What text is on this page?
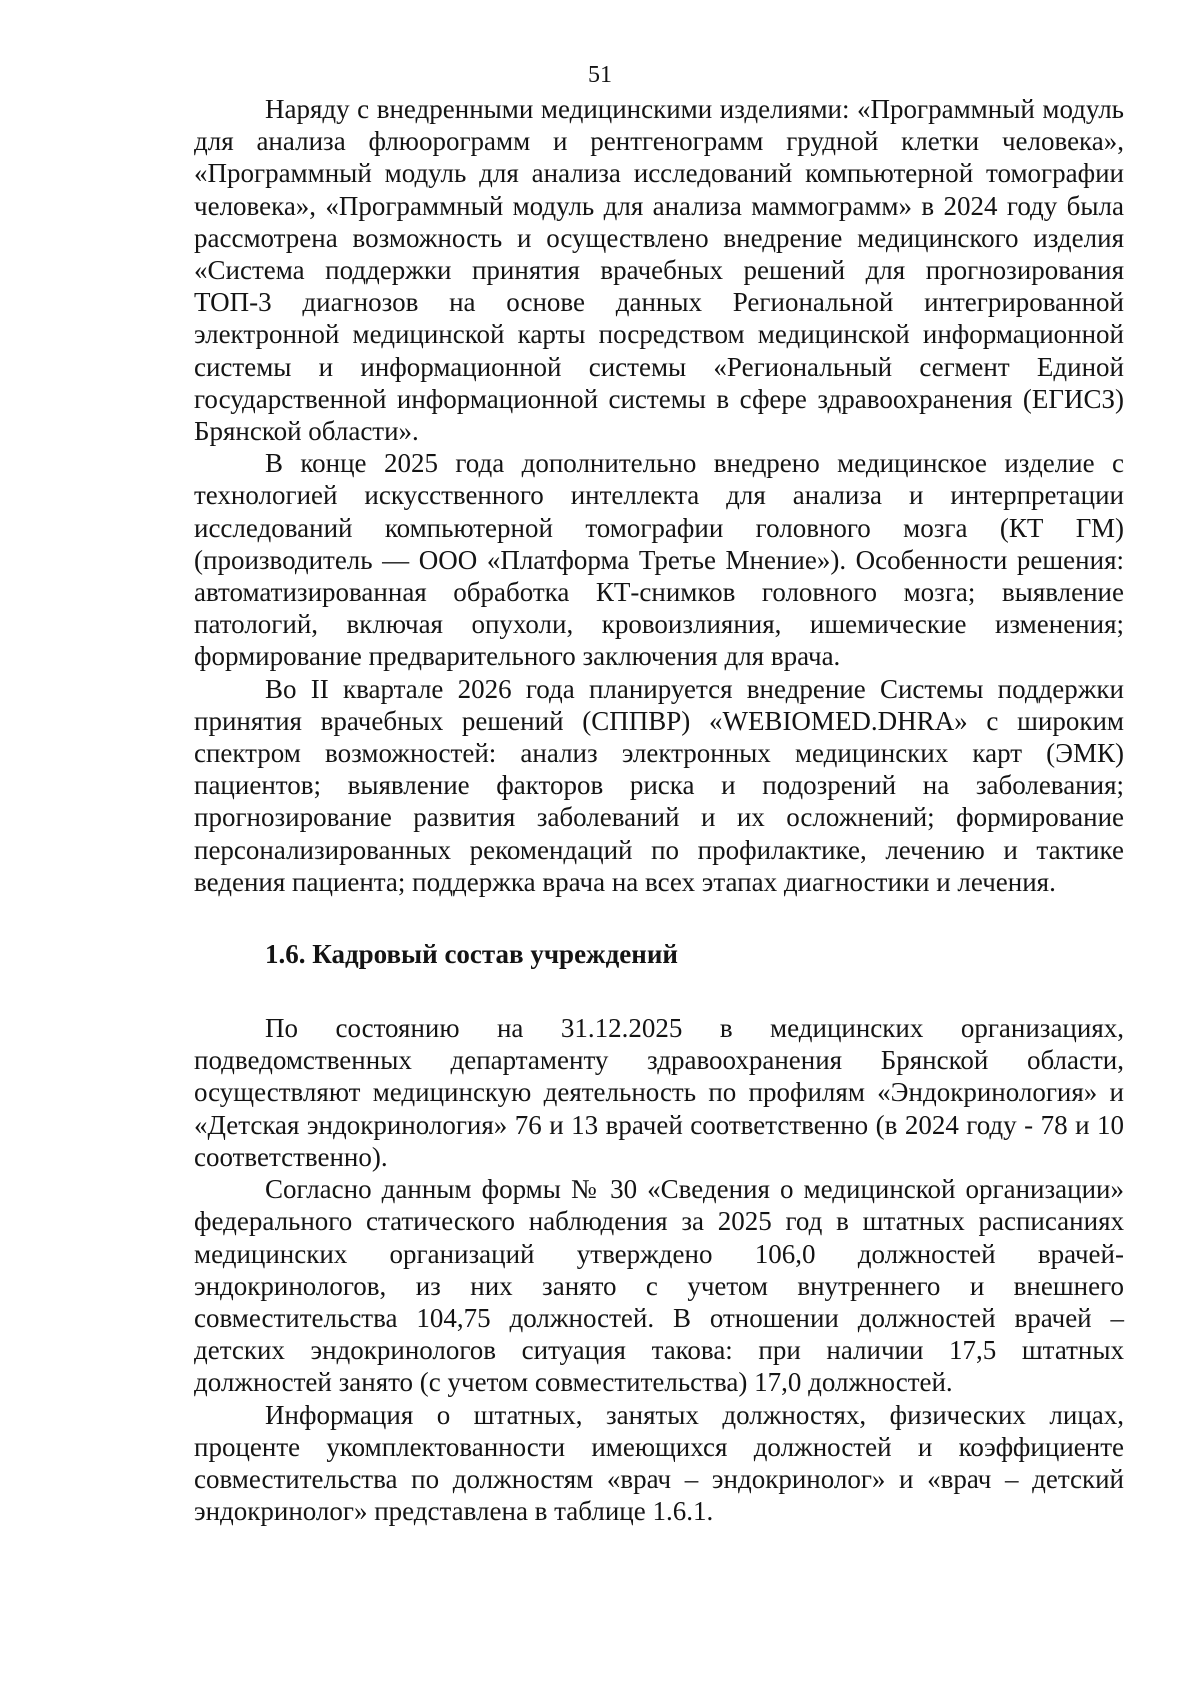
51

Наряду с внедренными медицинскими изделиями: «Программный модуль для анализа флюорограмм и рентгенограмм грудной клетки человека», «Программный модуль для анализа исследований компьютерной томографии человека», «Программный модуль для анализа маммограмм» в 2024 году была рассмотрена возможность и осуществлено внедрение медицинского изделия «Система поддержки принятия врачебных решений для прогнозирования ТОП-3 диагнозов на основе данных Региональной интегрированной электронной медицинской карты посредством медицинской информационной системы и информационной системы «Региональный сегмент Единой государственной информационной системы в сфере здравоохранения (ЕГИСЗ) Брянской области».

В конце 2025 года дополнительно внедрено медицинское изделие с технологией искусственного интеллекта для анализа и интерпретации исследований компьютерной томографии головного мозга (КТ ГМ) (производитель — ООО «Платформа Третье Мнение»). Особенности решения: автоматизированная обработка КТ-снимков головного мозга; выявление патологий, включая опухоли, кровоизлияния, ишемические изменения; формирование предварительного заключения для врача.

Во II квартале 2026 года планируется внедрение Системы поддержки принятия врачебных решений (СППВР) «WEBIOMED.DHRA» с широким спектром возможностей: анализ электронных медицинских карт (ЭМК) пациентов; выявление факторов риска и подозрений на заболевания; прогнозирование развития заболеваний и их осложнений; формирование персонализированных рекомендаций по профилактике, лечению и тактике ведения пациента; поддержка врача на всех этапах диагностики и лечения.

1.6. Кадровый состав учреждений

По состоянию на 31.12.2025 в медицинских организациях, подведомственных департаменту здравоохранения Брянской области, осуществляют медицинскую деятельность по профилям «Эндокринология» и «Детская эндокринология» 76 и 13 врачей соответственно (в 2024 году - 78 и 10 соответственно).

Согласно данным формы № 30 «Сведения о медицинской организации» федерального статического наблюдения за 2025 год в штатных расписаниях медицинских организаций утверждено 106,0 должностей врачей-эндокринологов, из них занято с учетом внутреннего и внешнего совместительства 104,75 должностей. В отношении должностей врачей – детских эндокринологов ситуация такова: при наличии 17,5 штатных должностей занято (с учетом совместительства) 17,0 должностей.

Информация о штатных, занятых должностях, физических лицах, проценте укомплектованности имеющихся должностей и коэффициенте совместительства по должностям «врач – эндокринолог» и «врач – детский эндокринолог» представлена в таблице 1.6.1.
